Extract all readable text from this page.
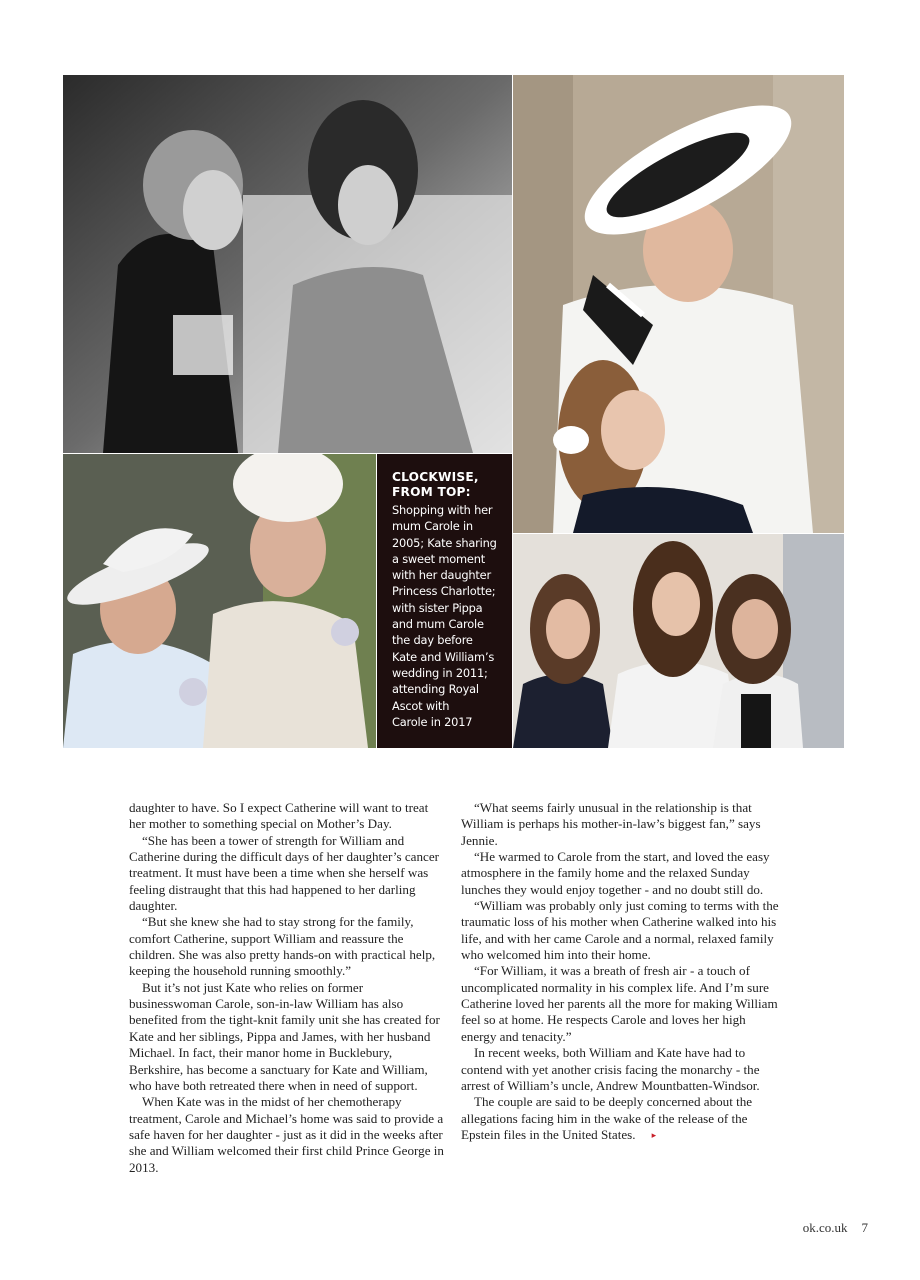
CLOCKWISE,
FROM TOP:
Shopping with her
mum Carole in
2005; Kate sharing
a sweet moment
with her daughter
Princess Charlotte;
with sister Pippa
and mum Carole
the day before
Kate and William’s
wedding in 2011;
attending Royal
Ascot with
Carole in 2017

daughter to have. So I expect Catherine will want to treat her mother to something special on Mother’s Day.

“She has been a tower of strength for William and Catherine during the difficult days of her daughter’s cancer treatment. It must have been a time when she herself was feeling distraught that this had happened to her darling daughter.

“But she knew she had to stay strong for the family, comfort Catherine, support William and reassure the children. She was also pretty hands-on with practical help, keeping the household running smoothly.”

But it’s not just Kate who relies on former businesswoman Carole, son-in-law William has also benefited from the tight-knit family unit she has created for Kate and her siblings, Pippa and James, with her husband Michael. In fact, their manor home in Bucklebury, Berkshire, has become a sanctuary for Kate and William, who have both retreated there when in need of support.

When Kate was in the midst of her chemotherapy treatment, Carole and Michael’s home was said to provide a safe haven for her daughter - just as it did in the weeks after she and William welcomed their first child Prince George in 2013.

“What seems fairly unusual in the relationship is that William is perhaps his mother-in-law’s biggest fan,” says Jennie.

“He warmed to Carole from the start, and loved the easy atmosphere in the family home and the relaxed Sunday lunches they would enjoy together - and no doubt still do.

“William was probably only just coming to terms with the traumatic loss of his mother when Catherine walked into his life, and with her came Carole and a normal, relaxed family who welcomed him into their home.

“For William, it was a breath of fresh air - a touch of uncomplicated normality in his complex life. And I’m sure Catherine loved her parents all the more for making William feel so at home. He respects Carole and loves her high energy and tenacity.”

In recent weeks, both William and Kate have had to contend with yet another crisis facing the monarchy - the arrest of William’s uncle, Andrew Mountbatten-Windsor.

The couple are said to be deeply concerned about the allegations facing him in the wake of the release of the Epstein files in the United States. ▸

ok.co.uk 7
